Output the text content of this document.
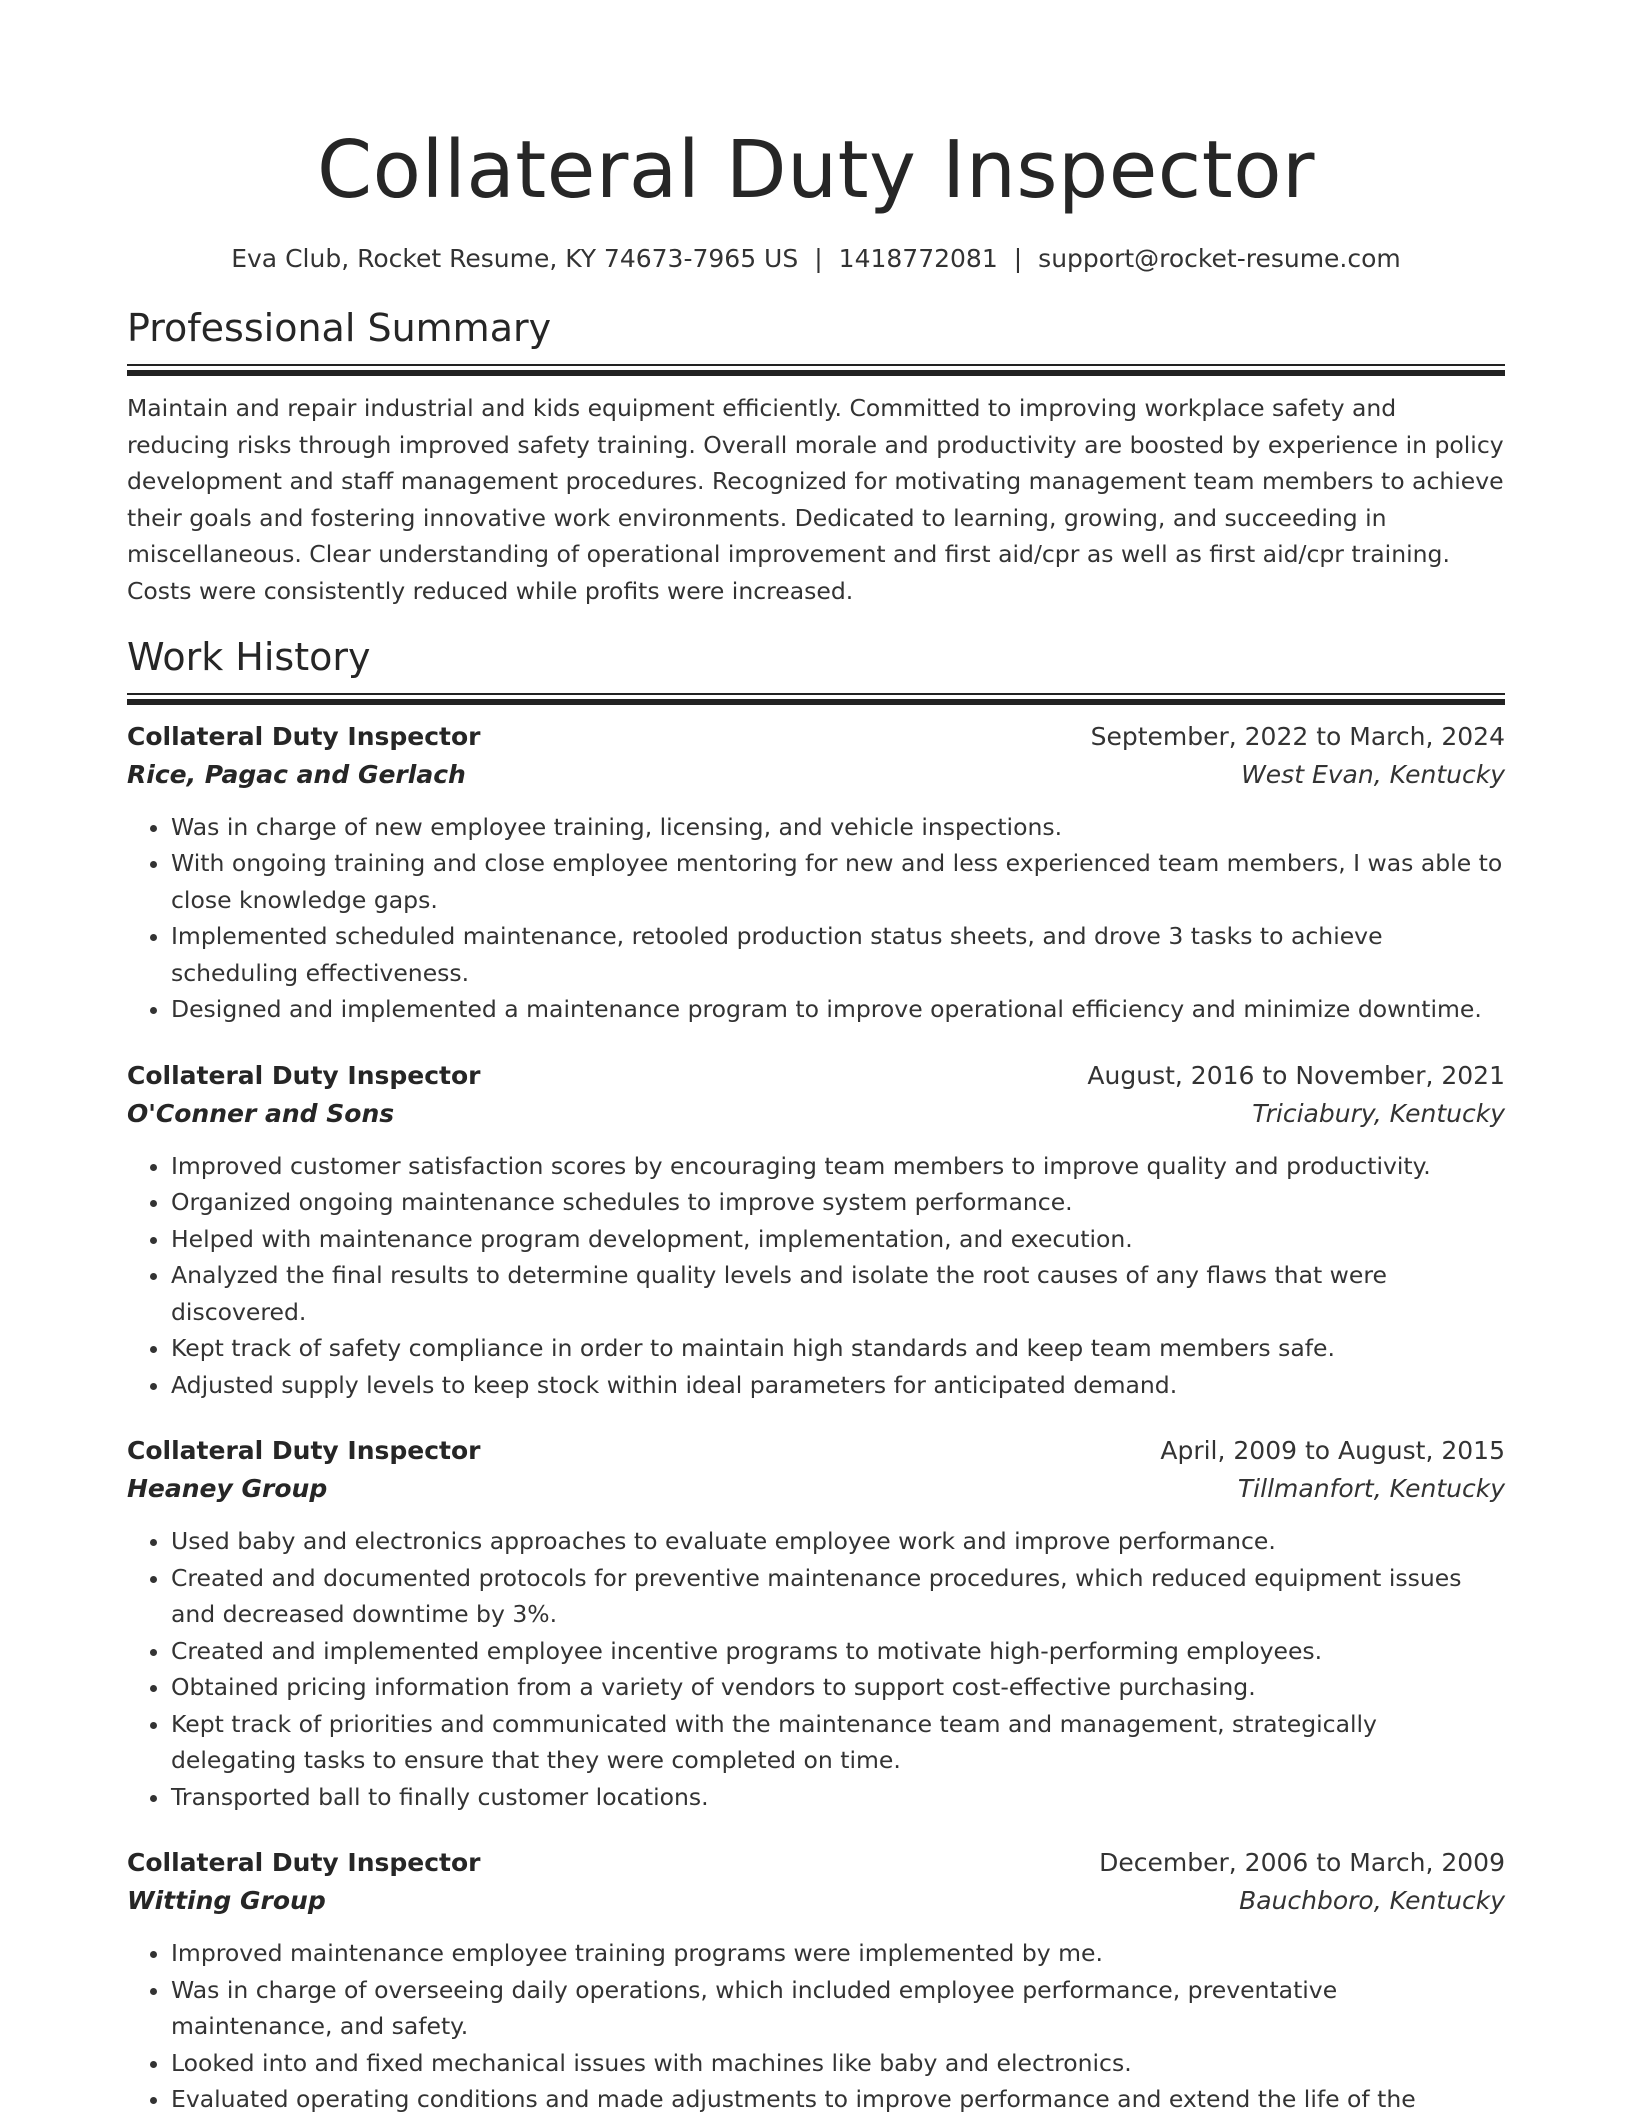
Collateral Duty Inspector
Eva Club, Rocket Resume, KY 74673-7965 US | 1418772081 | support@rocket-resume.com
Professional Summary

Maintain and repair industrial and kids equipment efficiently. Committed to improving workplace safety and reducing risks through improved safety training. Overall morale and productivity are boosted by experience in policy development and staff management procedures. Recognized for motivating management team members to achieve their goals and fostering innovative work environments. Dedicated to learning, growing, and succeeding in miscellaneous. Clear understanding of operational improvement and first aid/cpr as well as first aid/cpr training. Costs were consistently reduced while profits were increased.

Work History
Collateral Duty Inspector	September, 2022 to March, 2024
Rice, Pagac and Gerlach	West Evan, Kentucky
• Was in charge of new employee training, licensing, and vehicle inspections.
• With ongoing training and close employee mentoring for new and less experienced team members, I was able to close knowledge gaps.
• Implemented scheduled maintenance, retooled production status sheets, and drove 3 tasks to achieve scheduling effectiveness.
• Designed and implemented a maintenance program to improve operational efficiency and minimize downtime.
Collateral Duty Inspector	August, 2016 to November, 2021
O'Conner and Sons	Triciabury, Kentucky
• Improved customer satisfaction scores by encouraging team members to improve quality and productivity.
• Organized ongoing maintenance schedules to improve system performance.
• Helped with maintenance program development, implementation, and execution.
• Analyzed the final results to determine quality levels and isolate the root causes of any flaws that were discovered.
• Kept track of safety compliance in order to maintain high standards and keep team members safe.
• Adjusted supply levels to keep stock within ideal parameters for anticipated demand.
Collateral Duty Inspector	April, 2009 to August, 2015
Heaney Group	Tillmanfort, Kentucky
• Used baby and electronics approaches to evaluate employee work and improve performance.
• Created and documented protocols for preventive maintenance procedures, which reduced equipment issues and decreased downtime by 3%.
• Created and implemented employee incentive programs to motivate high-performing employees.
• Obtained pricing information from a variety of vendors to support cost-effective purchasing.
• Kept track of priorities and communicated with the maintenance team and management, strategically delegating tasks to ensure that they were completed on time.
• Transported ball to finally customer locations.
Collateral Duty Inspector	December, 2006 to March, 2009
Witting Group	Bauchboro, Kentucky
• Improved maintenance employee training programs were implemented by me.
• Was in charge of overseeing daily operations, which included employee performance, preventative maintenance, and safety.
• Looked into and fixed mechanical issues with machines like baby and electronics.
• Evaluated operating conditions and made adjustments to improve performance and extend the life of the
